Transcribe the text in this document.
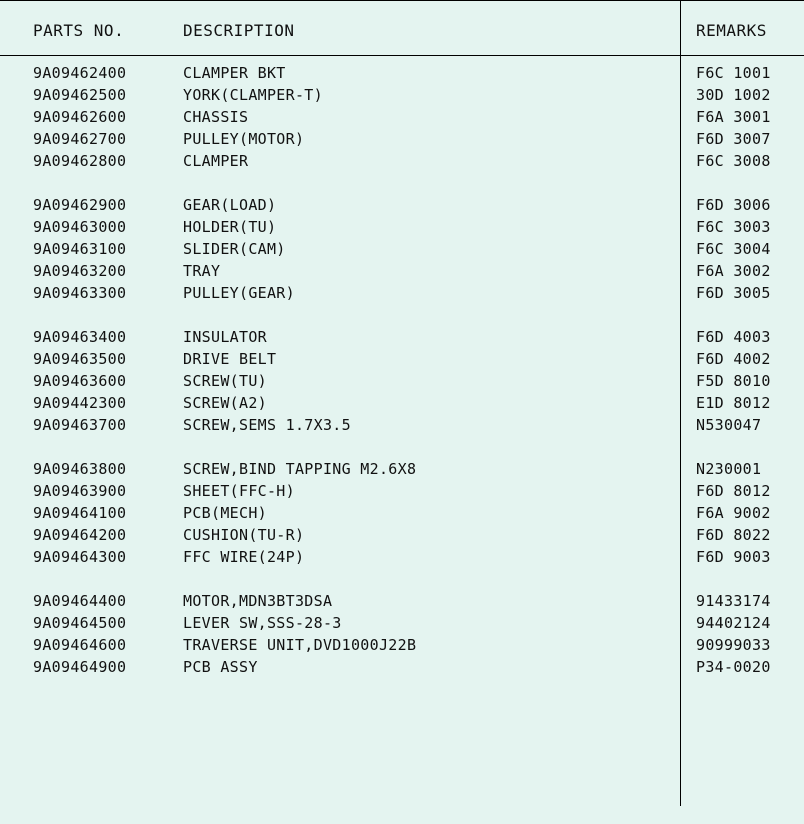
PARTS NO.	DESCRIPTION	REMARKS
9A09462400	CLAMPER BKT	F6C 1001
9A09462500	YORK(CLAMPER-T)	30D 1002
9A09462600	CHASSIS	F6A 3001
9A09462700	PULLEY(MOTOR)	F6D 3007
9A09462800	CLAMPER	F6C 3008
9A09462900	GEAR(LOAD)	F6D 3006
9A09463000	HOLDER(TU)	F6C 3003
9A09463100	SLIDER(CAM)	F6C 3004
9A09463200	TRAY	F6A 3002
9A09463300	PULLEY(GEAR)	F6D 3005
9A09463400	INSULATOR	F6D 4003
9A09463500	DRIVE BELT	F6D 4002
9A09463600	SCREW(TU)	F5D 8010
9A09442300	SCREW(A2)	E1D 8012
9A09463700	SCREW,SEMS 1.7X3.5	N530047
9A09463800	SCREW,BIND TAPPING M2.6X8	N230001
9A09463900	SHEET(FFC-H)	F6D 8012
9A09464100	PCB(MECH)	F6A 9002
9A09464200	CUSHION(TU-R)	F6D 8022
9A09464300	FFC WIRE(24P)	F6D 9003
9A09464400	MOTOR,MDN3BT3DSA	91433174
9A09464500	LEVER SW,SSS-28-3	94402124
9A09464600	TRAVERSE UNIT,DVD1000J22B	90999033
9A09464900	PCB ASSY	P34-0020
